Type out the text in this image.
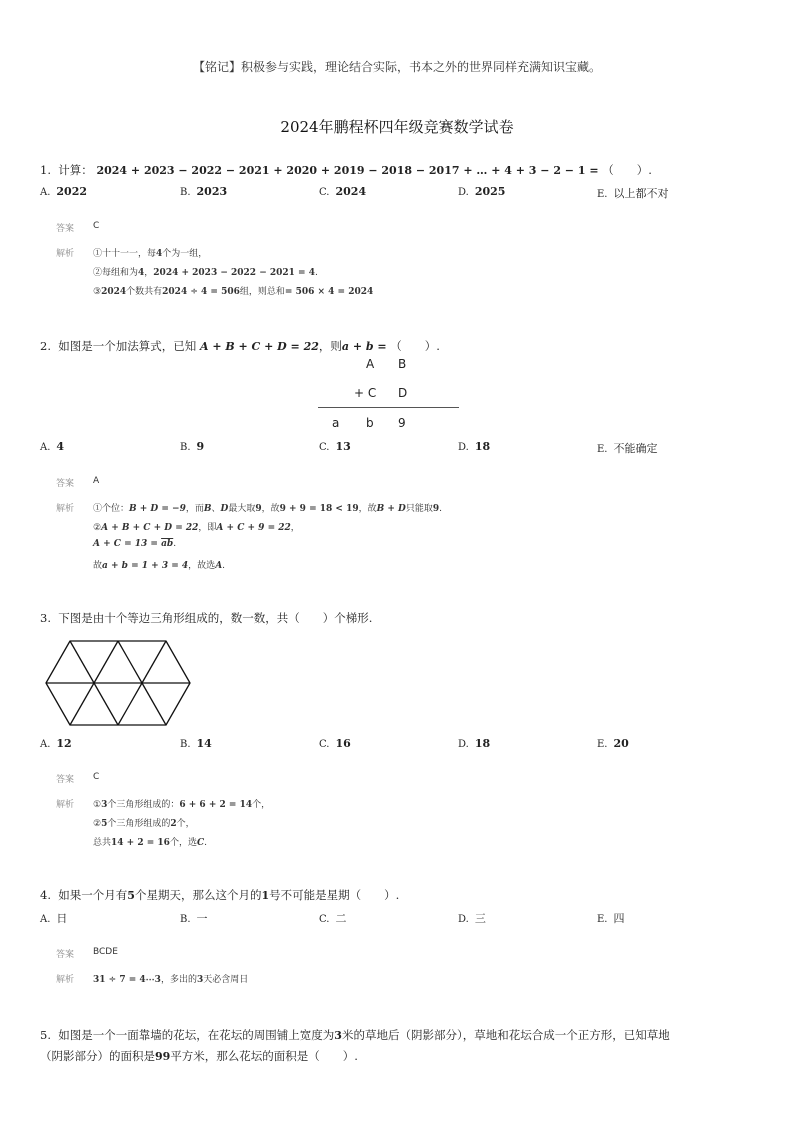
【铭记】积极参与实践，理论结合实际，书本之外的世界同样充满知识宝藏。
2024年鹏程杯四年级竞赛数学试卷
1. 计算： 2024 + 2023 − 2022 − 2021 + 2020 + 2019 − 2018 − 2017 + … + 4 + 3 − 2 − 1 = （　　）.
A. 2022	B. 2023	C. 2024	D. 2025	E. 以上都不对
答案 C
解析 ①十十一一，每4个为一组，
②每组和为4，2024 + 2023 − 2022 − 2021 = 4.
③2024个数共有2024 ÷ 4 = 506组，则总和= 506 × 4 = 2024
2. 如图是一个加法算式，已知 A + B + C + D = 22，则a + b = （　　）.
A B
+ C D
a b 9
A. 4	B. 9	C. 13	D. 18	E. 不能确定
答案 A
解析 ①个位：B + D = −9，而B、D最大取9，故9 + 9 = 18 < 19，故B + D只能取9.
②A + B + C + D = 22，即A + C + 9 = 22，
$A + C = 13 = \overline{ab}$.
故a + b = 1 + 3 = 4，故选A.
3. 下图是由十个等边三角形组成的，数一数，共（　　）个梯形.
A. 12	B. 14	C. 16	D. 18	E. 20
答案 C
解析 ①3个三角形组成的：6 + 6 + 2 = 14个，
②5个三角形组成的2个，
总共14 + 2 = 16个，选C.
4. 如果一个月有5个星期天，那么这个月的1号不可能是星期（　　）.
A. 日	B. 一	C. 二	D. 三	E. 四
答案 BCDE
解析 31 ÷ 7 = 4⋯3，多出的3天必含周日
5. 如图是一个一面靠墙的花坛，在花坛的周围铺上宽度为3米的草地后（阴影部分），草地和花坛合成一个正方形，已知草地
（阴影部分）的面积是99平方米，那么花坛的面积是（　　）.
